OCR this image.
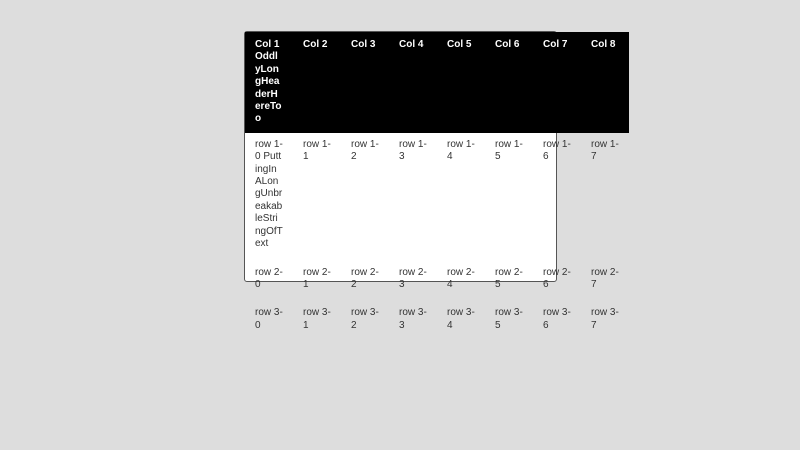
Col 1 OddlyLongHeaderHereToo	Col 2	Col 3	Col 4	Col 5	Col 6	Col 7	Col 8
row 1-0 PuttingInALongUnbreakableStringOfText	row 1-1	row 1-2	row 1-3	row 1-4	row 1-5	row 1-6	row 1-7
row 2-0	row 2-1	row 2-2	row 2-3	row 2-4	row 2-5	row 2-6	row 2-7
row 3-0	row 3-1	row 3-2	row 3-3	row 3-4	row 3-5	row 3-6	row 3-7
